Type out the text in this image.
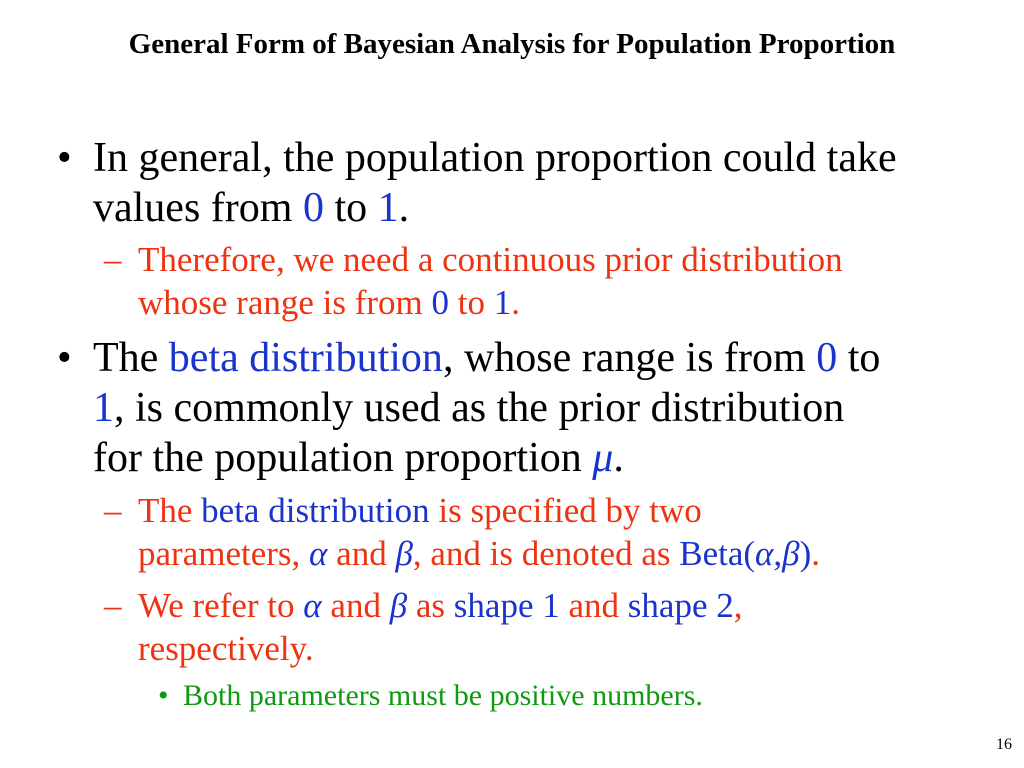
General Form of Bayesian Analysis for Population Proportion
• In general, the population proportion could take
values from 0 to 1.
– Therefore, we need a continuous prior distribution
whose range is from 0 to 1.
• The beta distribution, whose range is from 0 to
1, is commonly used as the prior distribution
for the population proportion μ.
– The beta distribution is specified by two
parameters, α and β, and is denoted as Beta(α,β).
– We refer to α and β as shape 1 and shape 2,
respectively.
• Both parameters must be positive numbers.
16
